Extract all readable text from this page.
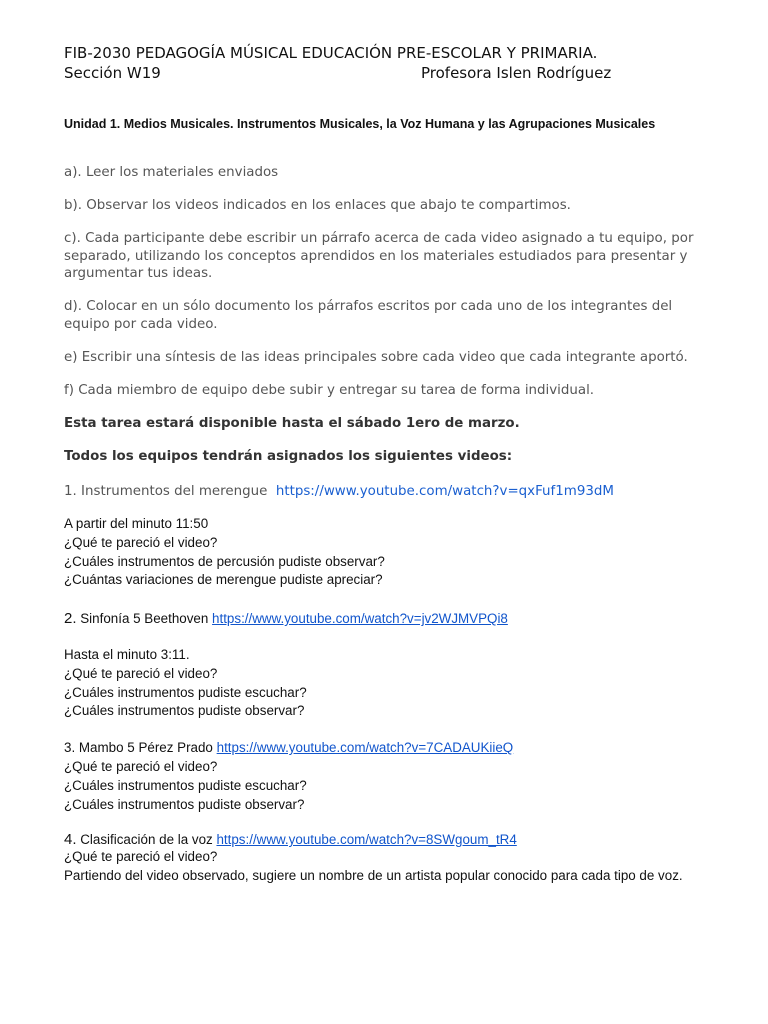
FIB-2030 PEDAGOGÍA MÚSICAL EDUCACIÓN PRE-ESCOLAR Y PRIMARIA.
Sección W19	Profesora Islen Rodríguez
Unidad 1. Medios Musicales. Instrumentos Musicales, la Voz Humana y las Agrupaciones Musicales
a). Leer los materiales enviados
b). Observar los videos indicados en los enlaces que abajo te compartimos.
c). Cada participante debe escribir un párrafo acerca de cada video asignado a tu equipo, por separado, utilizando los conceptos aprendidos en los materiales estudiados para presentar y argumentar tus ideas.
d). Colocar en un sólo documento los párrafos escritos por cada uno de los integrantes del equipo por cada video.
e) Escribir una síntesis de las ideas principales sobre cada video que cada integrante aportó.
f) Cada miembro de equipo debe subir y entregar su tarea de forma individual.
Esta tarea estará disponible hasta el sábado 1ero de marzo.
Todos los equipos tendrán asignados los siguientes videos:
1. Instrumentos del merengue https://www.youtube.com/watch?v=qxFuf1m93dM
A partir del minuto 11:50
¿Qué te pareció el video?
¿Cuáles instrumentos de percusión pudiste observar?
¿Cuántas variaciones de merengue pudiste apreciar?
2. Sinfonía 5 Beethoven https://www.youtube.com/watch?v=jv2WJMVPQi8
Hasta el minuto 3:11.
¿Qué te pareció el video?
¿Cuáles instrumentos pudiste escuchar?
¿Cuáles instrumentos pudiste observar?
3. Mambo 5 Pérez Prado https://www.youtube.com/watch?v=7CADAUKiieQ
¿Qué te pareció el video?
¿Cuáles instrumentos pudiste escuchar?
¿Cuáles instrumentos pudiste observar?
4. Clasificación de la voz https://www.youtube.com/watch?v=8SWgoum_tR4
¿Qué te pareció el video?
Partiendo del video observado, sugiere un nombre de un artista popular conocido para cada tipo de voz.
